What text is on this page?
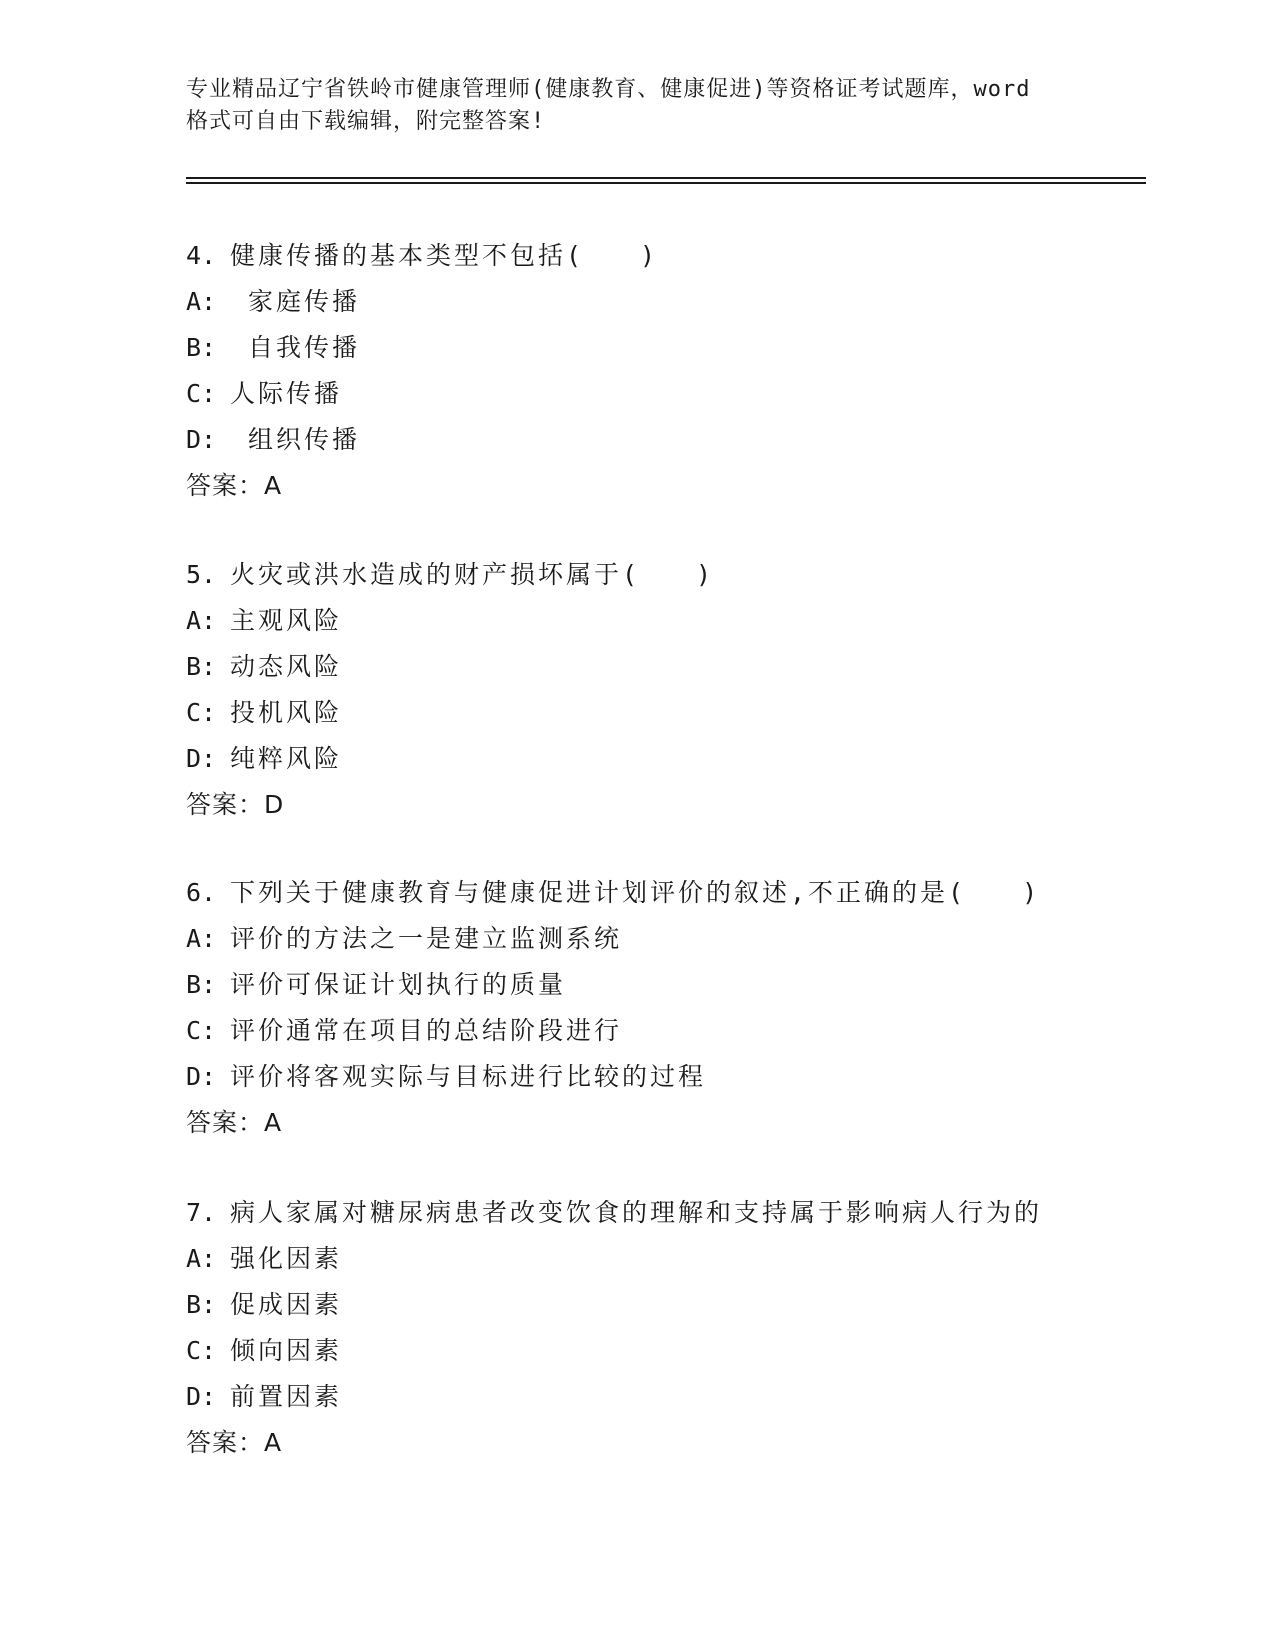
专业精品辽宁省铁岭市健康管理师(健康教育、健康促进)等资格证考试题库，word
格式可自由下载编辑，附完整答案!
4. 健康传播的基本类型不包括(　　)
A: 家庭传播
B: 自我传播
C: 人际传播
D: 组织传播
答案：A
5. 火灾或洪水造成的财产损坏属于(　　)
A: 主观风险
B: 动态风险
C: 投机风险
D: 纯粹风险
答案：D
6. 下列关于健康教育与健康促进计划评价的叙述,不正确的是(　　)
A: 评价的方法之一是建立监测系统
B: 评价可保证计划执行的质量
C: 评价通常在项目的总结阶段进行
D: 评价将客观实际与目标进行比较的过程
答案：A
7. 病人家属对糖尿病患者改变饮食的理解和支持属于影响病人行为的
A: 强化因素
B: 促成因素
C: 倾向因素
D: 前置因素
答案：A
